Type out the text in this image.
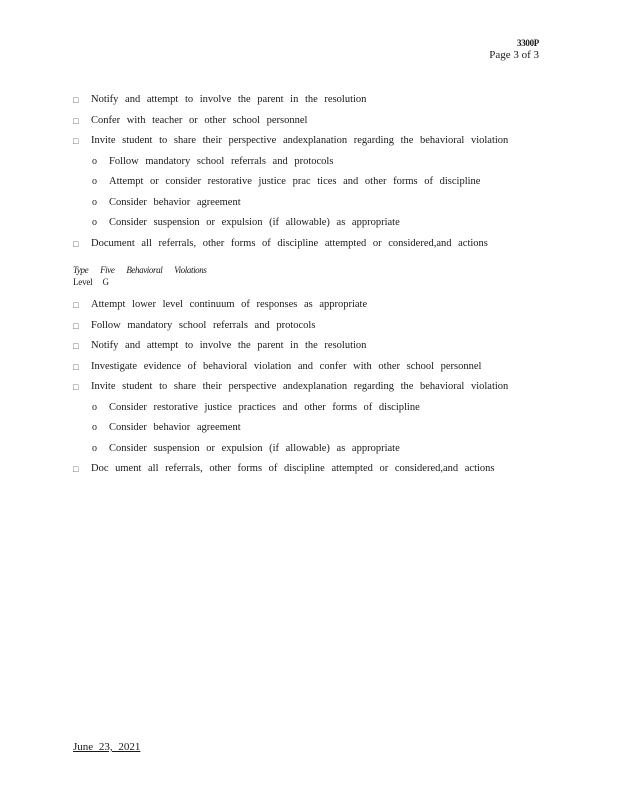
3300P
Page 3 of 3
□ Notify and attempt to involve the parent in the resolution
□ Confer with teacher or other school personnel
□ Invite student to share their perspective andexplanation regarding the behavioral violation
o Follow mandatory school referrals and protocols
o Attempt or consider restorative justice prac tices and other forms of discipline
o Consider behavior agreement
o Consider suspension or expulsion (if allowable) as appropriate
□ Document all referrals, other forms of discipline attempted or considered,and actions
Type Five Behavioral Violations
Level G
□ Attempt lower level continuum of responses as appropriate
□ Follow mandatory school referrals and protocols
□ Notify and attempt to involve the parent in the resolution
□ Investigate evidence of behavioral violation and confer with other school personnel
□ Invite student to share their perspective andexplanation regarding the behavioral violation
o Consider restorative justice practices and other forms of discipline
o Consider behavior agreement
o Consider suspension or expulsion (if allowable) as appropriate
□ Doc ument all referrals, other forms of discipline attempted or considered,and actions
June 23, 2021
